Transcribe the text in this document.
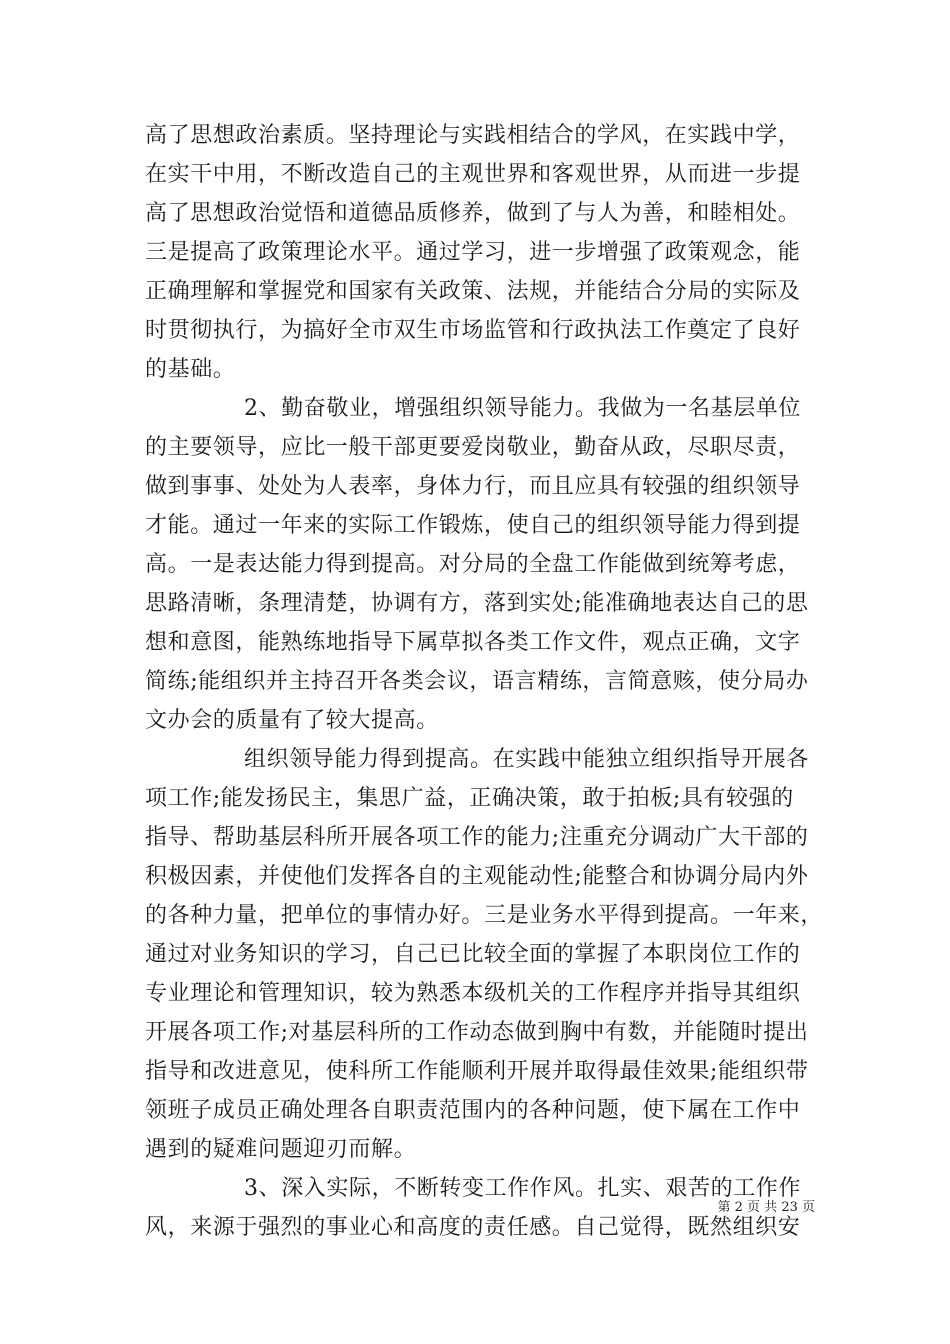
高了思想政治素质。坚持理论与实践相结合的学风，在实践中学，
在实干中用，不断改造自己的主观世界和客观世界，从而进一步提
高了思想政治觉悟和道德品质修养，做到了与人为善，和睦相处。
三是提高了政策理论水平。通过学习，进一步增强了政策观念，能
正确理解和掌握党和国家有关政策、法规，并能结合分局的实际及
时贯彻执行，为搞好全市双生市场监管和行政执法工作奠定了良好
的基础。
2、勤奋敬业，增强组织领导能力。我做为一名基层单位
的主要领导，应比一般干部更要爱岗敬业，勤奋从政，尽职尽责，
做到事事、处处为人表率，身体力行，而且应具有较强的组织领导
才能。通过一年来的实际工作锻炼，使自己的组织领导能力得到提
高。一是表达能力得到提高。对分局的全盘工作能做到统筹考虑，
思路清晰，条理清楚，协调有方，落到实处;能准确地表达自己的思
想和意图，能熟练地指导下属草拟各类工作文件，观点正确，文字
简练;能组织并主持召开各类会议，语言精练，言简意赅，使分局办
文办会的质量有了较大提高。
组织领导能力得到提高。在实践中能独立组织指导开展各
项工作;能发扬民主，集思广益，正确决策，敢于拍板;具有较强的
指导、帮助基层科所开展各项工作的能力;注重充分调动广大干部的
积极因素，并使他们发挥各自的主观能动性;能整合和协调分局内外
的各种力量，把单位的事情办好。三是业务水平得到提高。一年来，
通过对业务知识的学习，自己已比较全面的掌握了本职岗位工作的
专业理论和管理知识，较为熟悉本级机关的工作程序并指导其组织
开展各项工作;对基层科所的工作动态做到胸中有数，并能随时提出
指导和改进意见，使科所工作能顺利开展并取得最佳效果;能组织带
领班子成员正确处理各自职责范围内的各种问题，使下属在工作中
遇到的疑难问题迎刃而解。
3、深入实际，不断转变工作作风。扎实、艰苦的工作作
风，来源于强烈的事业心和高度的责任感。自己觉得，既然组织安
第 2 页 共 23 页
